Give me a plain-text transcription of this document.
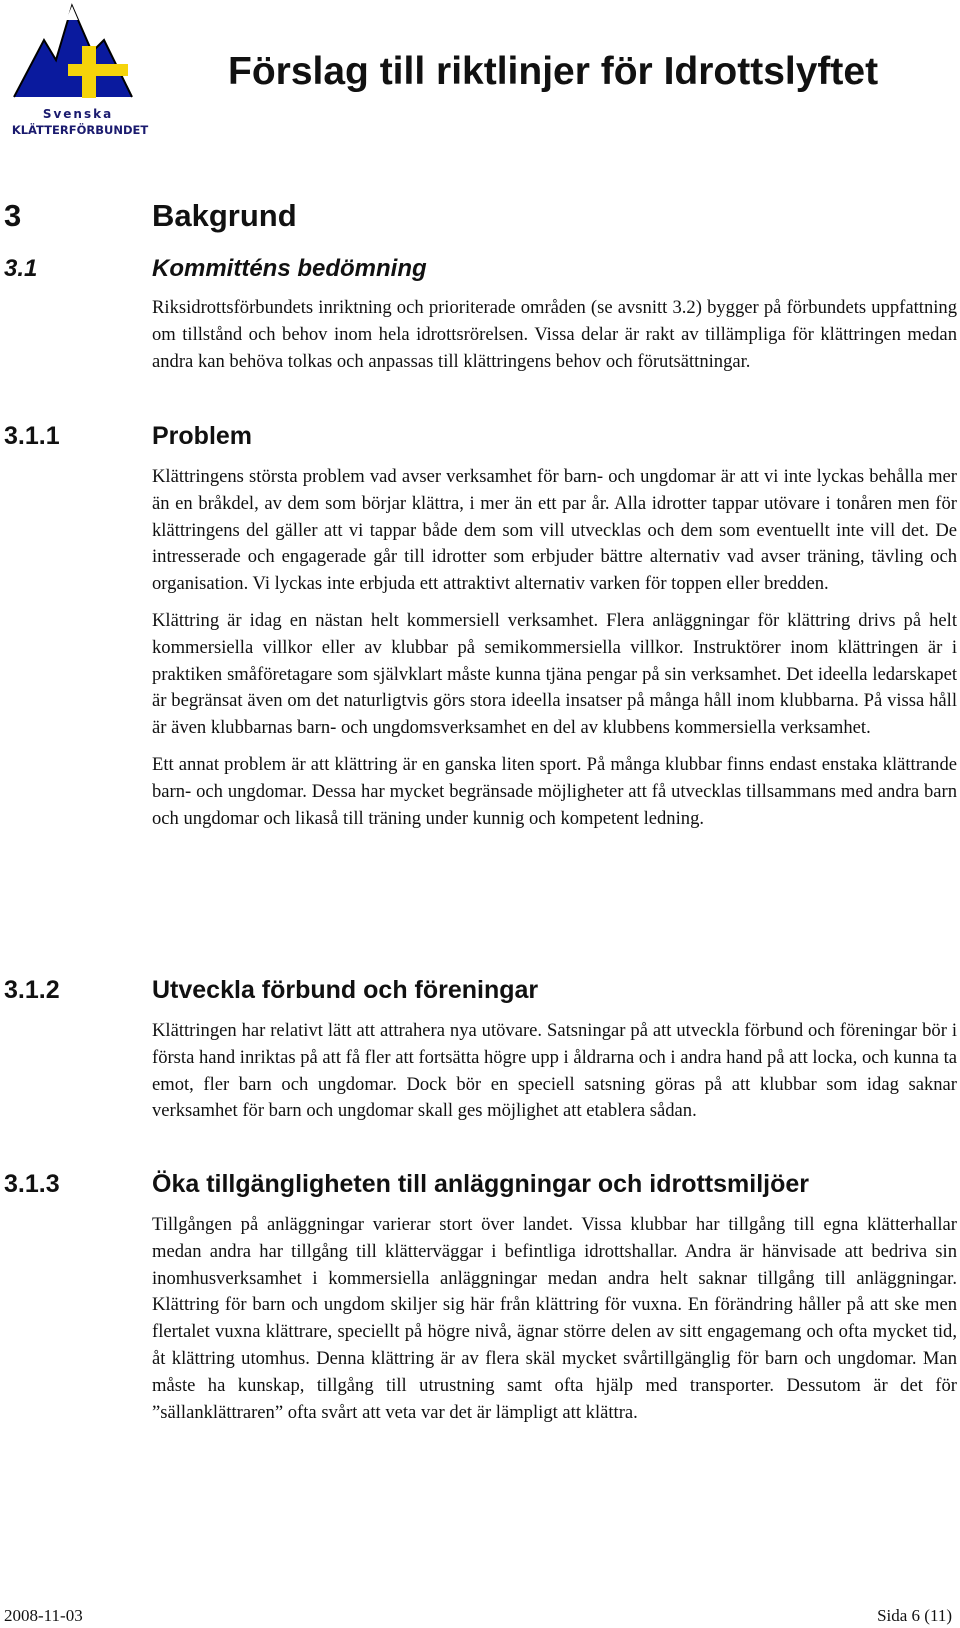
Svenska
KLÄTTERFÖRBUNDET
Förslag till riktlinjer för Idrottslyftet
3	Bakgrund
3.1	Kommitténs bedömning

Riksidrottsförbundets inriktning och prioriterade områden (se avsnitt 3.2) bygger på förbundets uppfattning om tillstånd och behov inom hela idrottsrörelsen. Vissa delar är rakt av tillämpliga för klättringen medan andra kan behöva tolkas och anpassas till klättringens behov och förutsättningar.

3.1.1	Problem

Klättringens största problem vad avser verksamhet för barn- och ungdomar är att vi inte lyckas behålla mer än en bråkdel, av dem som börjar klättra, i mer än ett par år. Alla idrotter tappar utövare i tonåren men för klättringens del gäller att vi tappar både dem som vill utvecklas och dem som eventuellt inte vill det. De intresserade och engagerade går till idrotter som erbjuder bättre alternativ vad avser träning, tävling och organisation. Vi lyckas inte erbjuda ett attraktivt alternativ varken för toppen eller bredden.

Klättring är idag en nästan helt kommersiell verksamhet. Flera anläggningar för klättring drivs på helt kommersiella villkor eller av klubbar på semikommersiella villkor. Instruktörer inom klättringen är i praktiken småföretagare som självklart måste kunna tjäna pengar på sin verksamhet. Det ideella ledarskapet är begränsat även om det naturligtvis görs stora ideella insatser på många håll inom klubbarna. På vissa håll är även klubbarnas barn- och ungdomsverksamhet en del av klubbens kommersiella verksamhet.

Ett annat problem är att klättring är en ganska liten sport. På många klubbar finns endast enstaka klättrande barn- och ungdomar. Dessa har mycket begränsade möjligheter att få utvecklas tillsammans med andra barn och ungdomar och likaså till träning under kunnig och kompetent ledning.

3.1.2	Utveckla förbund och föreningar

Klättringen har relativt lätt att attrahera nya utövare. Satsningar på att utveckla förbund och föreningar bör i första hand inriktas på att få fler att fortsätta högre upp i åldrarna och i andra hand på att locka, och kunna ta emot, fler barn och ungdomar. Dock bör en speciell satsning göras på att klubbar som idag saknar verksamhet för barn och ungdomar skall ges möjlighet att etablera sådan.

3.1.3	Öka tillgängligheten till anläggningar och idrottsmiljöer

Tillgången på anläggningar varierar stort över landet. Vissa klubbar har tillgång till egna klätterhallar medan andra har tillgång till klätterväggar i befintliga idrottshallar. Andra är hänvisade att bedriva sin inomhusverksamhet i kommersiella anläggningar medan andra helt saknar tillgång till anläggningar. Klättring för barn och ungdom skiljer sig här från klättring för vuxna. En förändring håller på att ske men flertalet vuxna klättrare, speciellt på högre nivå, ägnar större delen av sitt engagemang och ofta mycket tid, åt klättring utomhus. Denna klättring är av flera skäl mycket svårtillgänglig för barn och ungdomar. Man måste ha kunskap, tillgång till utrustning samt ofta hjälp med transporter. Dessutom är det för ”sällanklättraren” ofta svårt att veta var det är lämpligt att klättra.

2008-11-03	Sida 6 (11)
